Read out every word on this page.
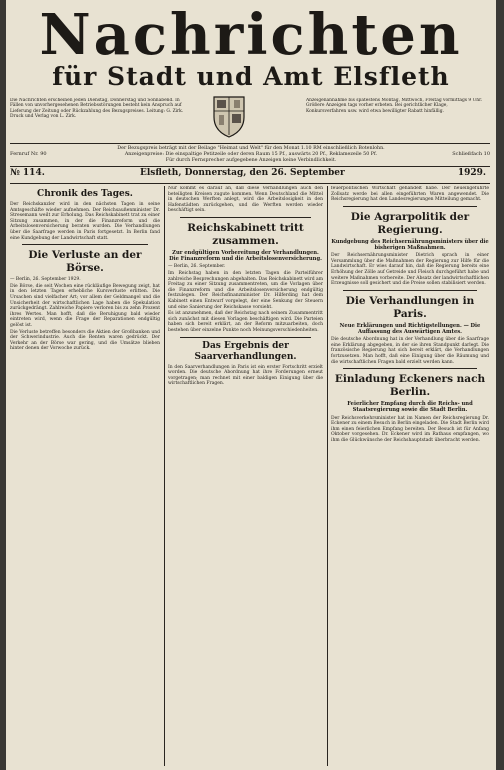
Nachrichten
für Stadt und Amt Elsfleth
Die Nachrichten erscheinen jeden Dienstag, Donnerstag und Sonnabend. In Fällen von unvorhergesehenen Betriebsstörungen besteht kein Anspruch auf Lieferung der Zeitung oder Rückzahlung des Bezugspreises. Leitung: G. Zirk. Druck und Verlag von L. Zirk.
Anzeigenannahme bis spätestens Montag, Mittwoch, Freitag vormittags 9 Uhr. Größere Anzeigen tags vorher erbeten. Bei gerichtlicher Klage, Konkursverfahren usw. wird etwa bewilligter Rabatt hinfällig.
Der Bezugspreis beträgt mit der Beilage "Heimat und Welt" für den Monat 1.10 RM einschließlich Botenlohn.
Anzeigenpreise: Die einspaltige Petitzeile oder deren Raum 15 Pf., auswärts 20 Pf., Reklamezeile 50 Pf.
Für durch Fernsprecher aufgegebene Anzeigen keine Verbindlichkeit.
Fernruf Nr. 90	Schließfach 10
№ 114.	Elsfleth, Donnerstag, den 26. September	1929.
Chronik des Tages.

Der Reichskanzler wird in den nächsten Tagen in seine Amtsgeschäfte wieder aufnehmen. Der Reichsaußenminister Dr. Stresemann weilt zur Erholung. Das Reichskabinett trat zu einer Sitzung zusammen, in der die Finanzreform und die Arbeitslosenversicherung beraten wurden. Die Verhandlungen über die Saarfrage werden in Paris fortgesetzt. In Berlin fand eine Kundgebung der Landwirtschaft statt.

Die Verluste an der Börse.

— Berlin, 26. September 1929.

Die Börse, die seit Wochen eine rückläufige Bewegung zeigt, hat in den letzten Tagen erhebliche Kursverluste erlitten. Die Ursachen sind vielfacher Art; vor allem der Geldmangel und die Unsicherheit der wirtschaftlichen Lage haben die Spekulation zurückgedrängt. Zahlreiche Papiere verloren bis zu zehn Prozent ihres Wertes. Man hofft, daß die Beruhigung bald wieder eintreten wird, wenn die Frage der Reparationen endgültig gelöst ist.

Die Verluste betreffen besonders die Aktien der Großbanken und der Schwerindustrie. Auch die Renten waren gedrückt. Der Verkehr an der Börse war gering, und die Umsätze blieben hinter denen der Vorwoche zurück.

Nur kommt es darauf an, daß diese Verhandlungen auch den beteiligten Kreisen zugute kommen. Wenn Deutschland die Mittel in deutschen Werften anlegt, wird die Arbeitslosigkeit in den Hafenstädten zurückgehen, und die Werften werden wieder beschäftigt sein.

Reichskabinett tritt zusammen.
Zur endgültigen Vorbereitung der Verhandlungen. Die Finanzreform und die Arbeitslosenversicherung.

— Berlin, 26. September.

Im Reichstag haben in den letzten Tagen die Parteiführer zahlreiche Besprechungen abgehalten. Das Reichskabinett wird am Freitag zu einer Sitzung zusammentreten, um die Vorlagen über die Finanzreform und die Arbeitslosenversicherung endgültig festzulegen. Der Reichsfinanzminister Dr. Hilferding hat dem Kabinett einen Entwurf vorgelegt, der eine Senkung der Steuern und eine Sanierung der Reichskasse vorsieht.

Es ist anzunehmen, daß der Reichstag nach seinem Zusammentritt sich zunächst mit diesen Vorlagen beschäftigen wird. Die Parteien haben sich bereit erklärt, an der Reform mitzuarbeiten, doch bestehen über einzelne Punkte noch Meinungsverschiedenheiten.

Das Ergebnis der Saarverhandlungen.

In den Saarverhandlungen in Paris ist ein erster Fortschritt erzielt worden. Die deutsche Abordnung hat ihre Forderungen erneut vorgetragen; man rechnet mit einer baldigen Einigung über die wirtschaftlichen Fragen.

feuerpolitischen Wirtschaft gehandelt habe. Der neueingeführte Zollsatz werde bei allen eingeführten Waren angewendet. Die Reichsregierung hat den Landesregierungen Mitteilung gemacht.

Die Agrarpolitik der Regierung.
Kundgebung des Reichsernährungsministers über die bisherigen Maßnahmen.

Der Reichsernährungsminister Dietrich sprach in einer Versammlung über die Maßnahmen der Regierung zur Hilfe für die Landwirtschaft. Er wies darauf hin, daß die Regierung bereits eine Erhöhung der Zölle auf Getreide und Fleisch durchgeführt habe und weitere Maßnahmen vorbereite. Der Absatz der landwirtschaftlichen Erzeugnisse soll gesichert und die Preise sollen stabilisiert werden.

Die Verhandlungen in Paris.
Neue Erklärungen und Richtigstellungen. — Die Auffassung des Auswärtigen Amtes.

Die deutsche Abordnung hat in der Verhandlung über die Saarfrage eine Erklärung abgegeben, in der sie ihren Standpunkt darlegt. Die französische Regierung hat sich bereit erklärt, die Verhandlungen fortzusetzen. Man hofft, daß eine Einigung über die Räumung und die wirtschaftlichen Fragen bald erzielt werden kann.

Einladung Eckeners nach Berlin.
Feierlicher Empfang durch die Reichs- und Staatsregierung sowie die Stadt Berlin.

Der Reichsverkehrsminister hat im Namen der Reichsregierung Dr. Eckener zu einem Besuch in Berlin eingeladen. Die Stadt Berlin wird ihm einen feierlichen Empfang bereiten. Der Besuch ist für Anfang Oktober vorgesehen. Dr. Eckener wird im Rathaus empfangen, wo ihm die Glückwünsche der Reichshauptstadt überbracht werden.
